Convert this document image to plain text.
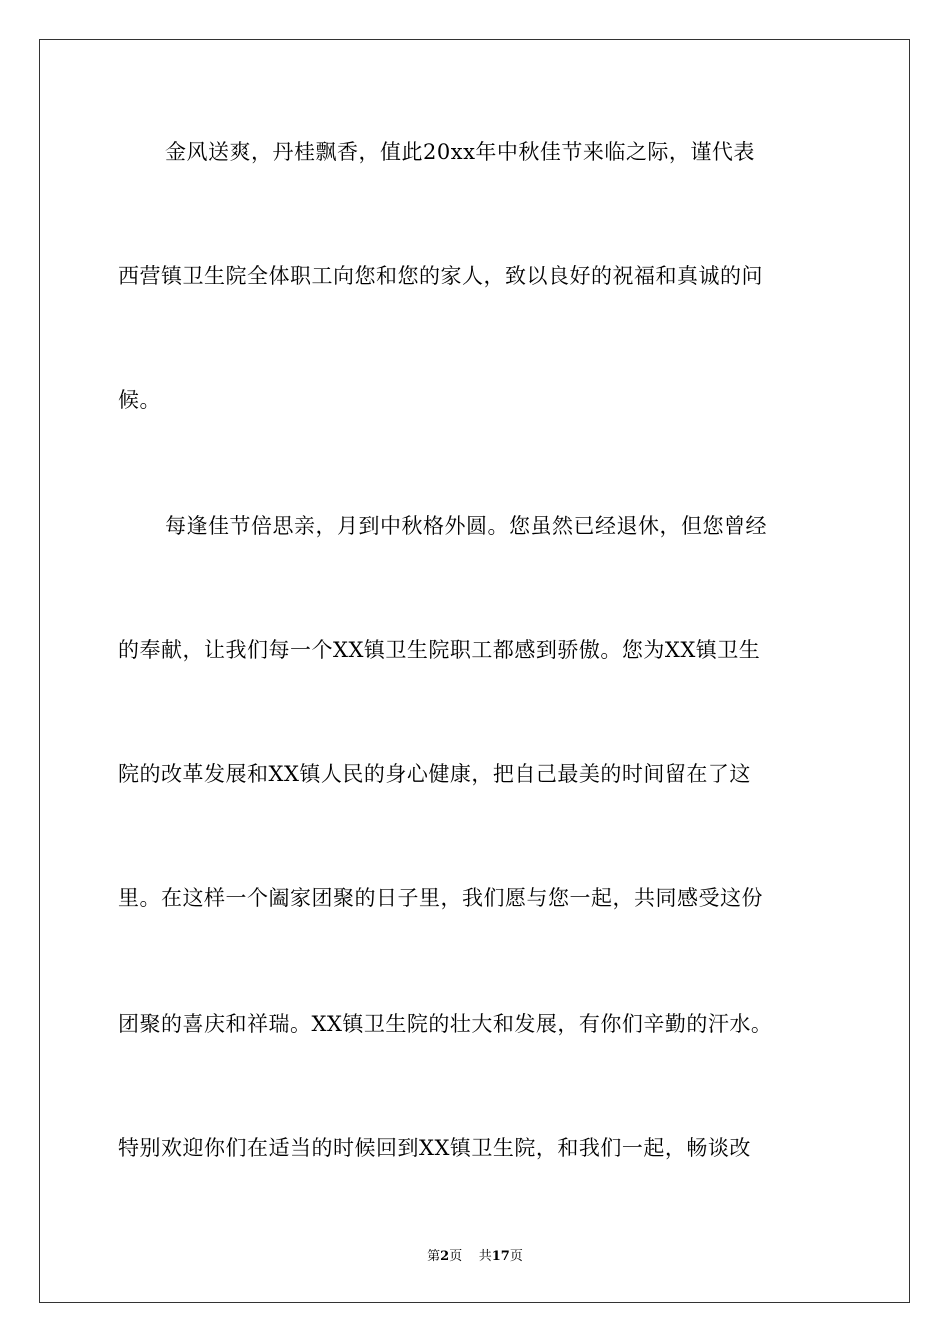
金风送爽，丹桂飘香，值此20xx年中秋佳节来临之际，谨代表
西营镇卫生院全体职工向您和您的家人，致以良好的祝福和真诚的问
候。
每逢佳节倍思亲，月到中秋格外圆。您虽然已经退休，但您曾经
的奉献，让我们每一个XX镇卫生院职工都感到骄傲。您为XX镇卫生
院的改革发展和XX镇人民的身心健康，把自己最美的时间留在了这
里。在这样一个阖家团聚的日子里，我们愿与您一起，共同感受这份
团聚的喜庆和祥瑞。XX镇卫生院的壮大和发展，有你们辛勤的汗水。
特别欢迎你们在适当的时候回到XX镇卫生院，和我们一起，畅谈改
第2页 共17页
